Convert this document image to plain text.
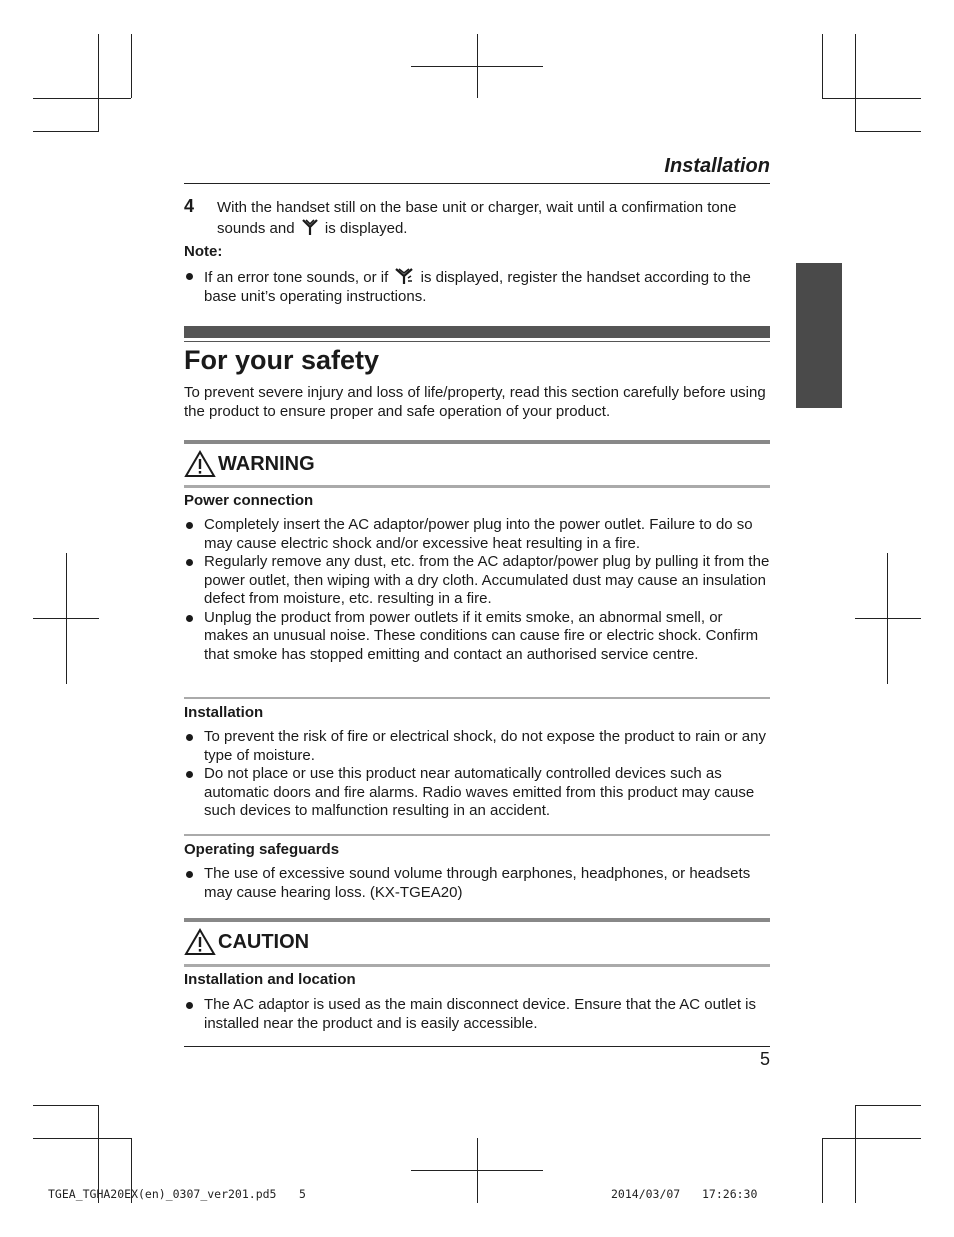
Installation
4 With the handset still on the base unit or charger, wait until a confirmation tone sounds and is displayed.
Note:
If an error tone sounds, or if is displayed, register the handset according to the base unit’s operating instructions.
For your safety
To prevent severe injury and loss of life/property, read this section carefully before using the product to ensure proper and safe operation of your product.
WARNING
Power connection
Completely insert the AC adaptor/power plug into the power outlet. Failure to do so may cause electric shock and/or excessive heat resulting in a fire.
Regularly remove any dust, etc. from the AC adaptor/power plug by pulling it from the power outlet, then wiping with a dry cloth. Accumulated dust may cause an insulation defect from moisture, etc. resulting in a fire.
Unplug the product from power outlets if it emits smoke, an abnormal smell, or makes an unusual noise. These conditions can cause fire or electric shock. Confirm that smoke has stopped emitting and contact an authorised service centre.
Installation
To prevent the risk of fire or electrical shock, do not expose the product to rain or any type of moisture.
Do not place or use this product near automatically controlled devices such as automatic doors and fire alarms. Radio waves emitted from this product may cause such devices to malfunction resulting in an accident.
Operating safeguards
The use of excessive sound volume through earphones, headphones, or headsets may cause hearing loss. (KX-TGEA20)
CAUTION
Installation and location
The AC adaptor is used as the main disconnect device. Ensure that the AC outlet is installed near the product and is easily accessible.
5
TGEA_TGHA20EX(en)_0307_ver201.pd5 5	2014/03/07 17:26:30
